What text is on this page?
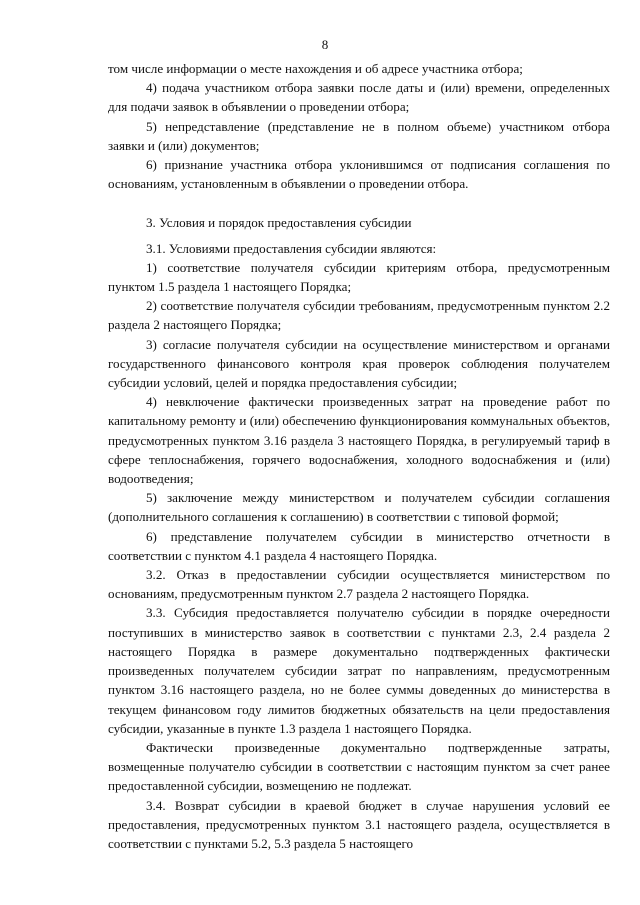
8

том числе информации о месте нахождения и об адресе участника отбора;

4) подача участником отбора заявки после даты и (или) времени, определенных для подачи заявок в объявлении о проведении отбора;

5) непредставление (представление не в полном объеме) участником отбора заявки и (или) документов;

6) признание участника отбора уклонившимся от подписания соглашения по основаниям, установленным в объявлении о проведении отбора.

3. Условия и порядок предоставления субсидии

3.1. Условиями предоставления субсидии являются:

1) соответствие получателя субсидии критериям отбора, предусмотренным пунктом 1.5 раздела 1 настоящего Порядка;

2) соответствие получателя субсидии требованиям, предусмотренным пунктом 2.2 раздела 2 настоящего Порядка;

3) согласие получателя субсидии на осуществление министерством и органами государственного финансового контроля края проверок соблюдения получателем субсидии условий, целей и порядка предоставления субсидии;

4) невключение фактически произведенных затрат на проведение работ по капитальному ремонту и (или) обеспечению функционирования коммунальных объектов, предусмотренных пунктом 3.16 раздела 3 настоящего Порядка, в регулируемый тариф в сфере теплоснабжения, горячего водоснабжения, холодного водоснабжения и (или) водоотведения;

5) заключение между министерством и получателем субсидии соглашения (дополнительного соглашения к соглашению) в соответствии с типовой формой;

6) представление получателем субсидии в министерство отчетности в соответствии с пунктом 4.1 раздела 4 настоящего Порядка.

3.2. Отказ в предоставлении субсидии осуществляется министерством по основаниям, предусмотренным пунктом 2.7 раздела 2 настоящего Порядка.

3.3. Субсидия предоставляется получателю субсидии в порядке очередности поступивших в министерство заявок в соответствии с пунктами 2.3, 2.4 раздела 2 настоящего Порядка в размере документально подтвержденных фактически произведенных получателем субсидии затрат по направлениям, предусмотренным пунктом 3.16 настоящего раздела, но не более суммы доведенных до министерства в текущем финансовом году лимитов бюджетных обязательств на цели предоставления субсидии, указанные в пункте 1.3 раздела 1 настоящего Порядка.

Фактически произведенные документально подтвержденные затраты, возмещенные получателю субсидии в соответствии с настоящим пунктом за счет ранее предоставленной субсидии, возмещению не подлежат.

3.4. Возврат субсидии в краевой бюджет в случае нарушения условий ее предоставления, предусмотренных пунктом 3.1 настоящего раздела, осуществляется в соответствии с пунктами 5.2, 5.3 раздела 5 настоящего
